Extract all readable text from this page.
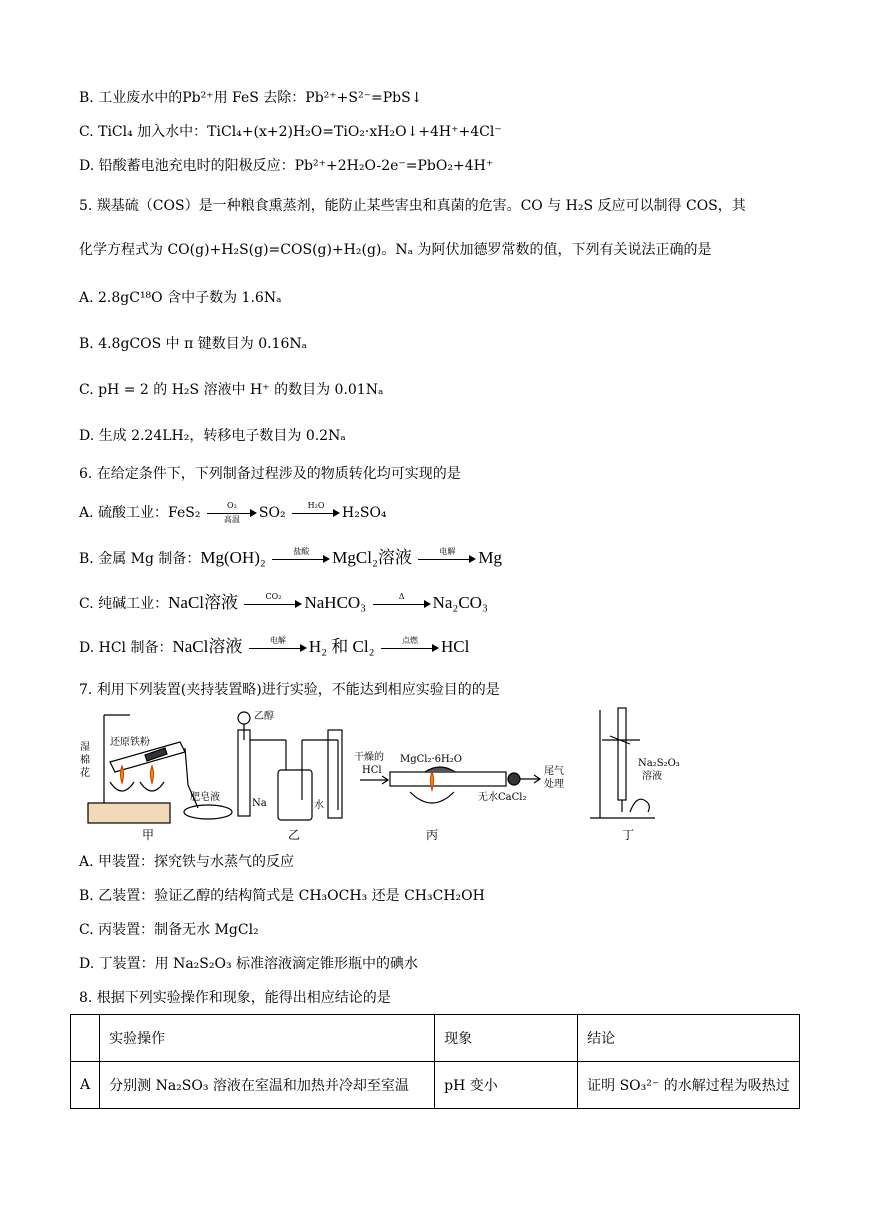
B. 工业废水中的Pb²⁺用 FeS 去除：Pb²⁺+S²⁻=PbS↓
C. TiCl₄ 加入水中：TiCl₄+(x+2)H₂O=TiO₂·xH₂O↓+4H⁺+4Cl⁻
D. 铅酸蓄电池充电时的阳极反应：Pb²⁺+2H₂O-2e⁻=PbO₂+4H⁺
5. 羰基硫（COS）是一种粮食熏蒸剂，能防止某些害虫和真菌的危害。CO 与 H₂S 反应可以制得 COS，其
化学方程式为 CO(g)+H₂S(g)=COS(g)+H₂(g)。Nₐ 为阿伏加德罗常数的值，下列有关说法正确的是
A. 2.8gC¹⁸O 含中子数为 1.6Nₐ
B. 4.8gCOS 中 π 键数目为 0.16Nₐ
C. pH = 2 的 H₂S 溶液中 H⁺ 的数目为 0.01Nₐ
D. 生成 2.24LH₂，转移电子数目为 0.2Nₐ
6. 在给定条件下，下列制备过程涉及的物质转化均可实现的是
A. 硫酸工业：FeS₂	O₂
高温	SO₂	H₂O	H₂SO₄
B. 金属 Mg 制备：Mg(OH)₂	盐酸	MgCl₂溶液	电解	Mg
C. 纯碱工业：NaCl溶液	CO₂	NaHCO₃	Δ	Na₂CO₃
D. HCl 制备：NaCl溶液	电解	H₂ 和 Cl₂	点燃	HCl
7. 利用下列装置(夹持装置略)进行实验，不能达到相应实验目的的是
湿
棉
花
还原铁粉
肥皂液
甲
乙醇
Na	水
乙
干燥的
HCl
MgCl₂·6H₂O
尾气
处理
无水CaCl₂
丙
Na₂S₂O₃
溶液
丁
A. 甲装置：探究铁与水蒸气的反应
B. 乙装置：验证乙醇的结构简式是 CH₃OCH₃ 还是 CH₃CH₂OH
C. 丙装置：制备无水 MgCl₂
D. 丁装置：用 Na₂S₂O₃ 标准溶液滴定锥形瓶中的碘水
8. 根据下列实验操作和现象，能得出相应结论的是
	实验操作	现象	结论
A	分别测 Na₂SO₃ 溶液在室温和加热并冷却至室温	pH 变小	证明 SO₃²⁻ 的水解过程为吸热过
